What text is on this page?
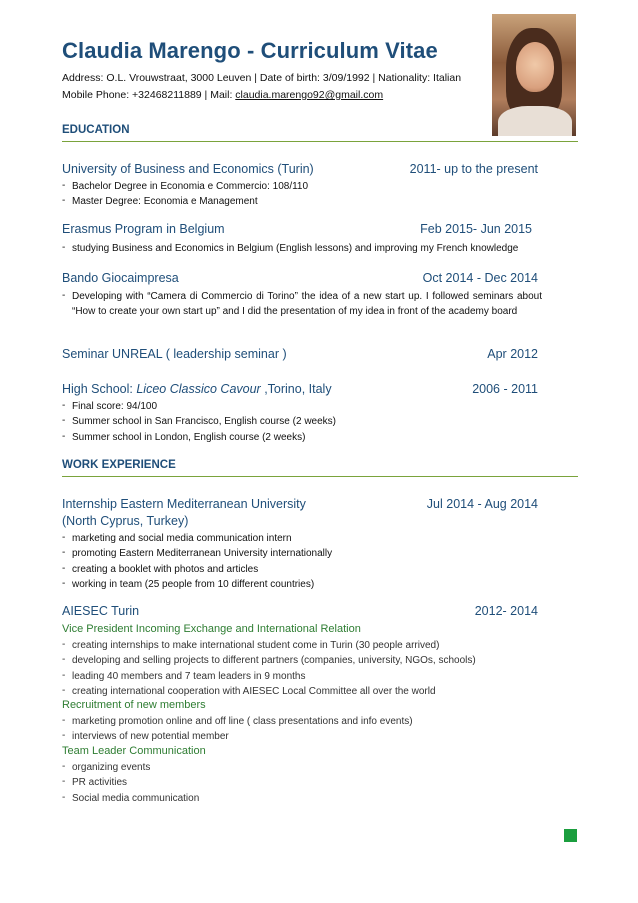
Claudia Marengo - Curriculum Vitae
Address: O.L. Vrouwstraat, 3000 Leuven | Date of birth: 3/09/1992 | Nationality: Italian
Mobile Phone: +32468211889 | Mail: claudia.marengo92@gmail.com
EDUCATION
University of Business and Economics (Turin)	2011- up to the present
- Bachelor Degree in Economia e Commercio: 108/110
- Master Degree: Economia e Management
Erasmus Program in Belgium	Feb 2015- Jun 2015
- studying Business and Economics in Belgium (English lessons) and improving my French knowledge
Bando Giocaimpresa	Oct 2014 - Dec 2014
- Developing with “Camera di Commercio di Torino” the idea of a new start up. I followed seminars about “How to create your own start up” and I did the presentation of my idea in front of the academy board
Seminar UNREAL ( leadership seminar )	Apr 2012
High School: Liceo Classico Cavour ,Torino, Italy	2006 - 2011
- Final score: 94/100
- Summer school in San Francisco, English course (2 weeks)
- Summer school in London, English course (2 weeks)
WORK EXPERIENCE
Internship Eastern Mediterranean University	Jul 2014 - Aug 2014
(North Cyprus, Turkey)
- marketing and social media communication intern
- promoting Eastern Mediterranean University internationally
- creating a booklet with photos and articles
- working in team (25 people from 10 different countries)
AIESEC Turin	2012- 2014
Vice President Incoming Exchange and International Relation
- creating internships to make international student come in Turin (30 people arrived)
- developing and selling projects to different partners (companies, university, NGOs, schools)
- leading 40 members and 7 team leaders in 9 months
- creating international cooperation with AIESEC Local Committee all over the world
Recruitment of new members
- marketing promotion online and off line ( class presentations and info events)
- interviews of new potential member
Team Leader Communication
- organizing events
- PR activities
- Social media communication
